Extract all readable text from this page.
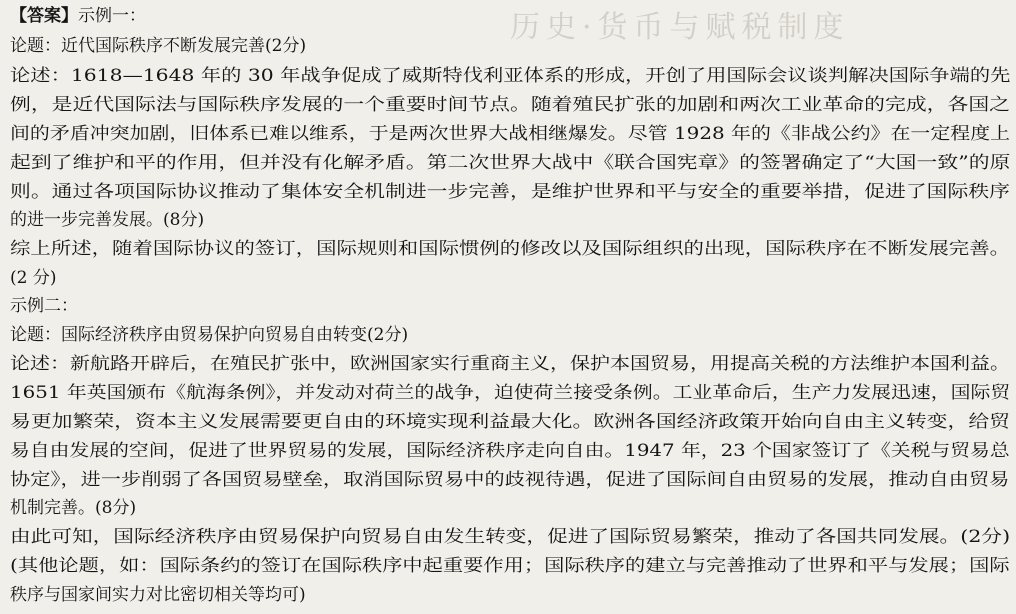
历史·货币与赋税制度
【答案】示例一：
论题：近代国际秩序不断发展完善(2分)
论述：1618—1648 年的 30 年战争促成了威斯特伐利亚体系的形成，开创了用国际会议谈判解决国际争端的先
例，是近代国际法与国际秩序发展的一个重要时间节点。随着殖民扩张的加剧和两次工业革命的完成，各国之
间的矛盾冲突加剧，旧体系已难以维系，于是两次世界大战相继爆发。尽管 1928 年的《非战公约》在一定程度上
起到了维护和平的作用，但并没有化解矛盾。第二次世界大战中《联合国宪章》的签署确定了“大国一致”的原
则。通过各项国际协议推动了集体安全机制进一步完善，是维护世界和平与安全的重要举措，促进了国际秩序
的进一步完善发展。(8分)
综上所述，随着国际协议的签订，国际规则和国际惯例的修改以及国际组织的出现，国际秩序在不断发展完善。
(2 分)
示例二：
论题：国际经济秩序由贸易保护向贸易自由转变(2分)
论述：新航路开辟后，在殖民扩张中，欧洲国家实行重商主义，保护本国贸易，用提高关税的方法维护本国利益。
1651 年英国颁布《航海条例》，并发动对荷兰的战争，迫使荷兰接受条例。工业革命后，生产力发展迅速，国际贸
易更加繁荣，资本主义发展需要更自由的环境实现利益最大化。欧洲各国经济政策开始向自由主义转变，给贸
易自由发展的空间，促进了世界贸易的发展，国际经济秩序走向自由。1947 年，23 个国家签订了《关税与贸易总
协定》，进一步削弱了各国贸易壁垒，取消国际贸易中的歧视待遇，促进了国际间自由贸易的发展，推动自由贸易
机制完善。(8分)
由此可知，国际经济秩序由贸易保护向贸易自由发生转变，促进了国际贸易繁荣，推动了各国共同发展。(2分)
(其他论题，如：国际条约的签订在国际秩序中起重要作用；国际秩序的建立与完善推动了世界和平与发展；国际
秩序与国家间实力对比密切相关等均可)
